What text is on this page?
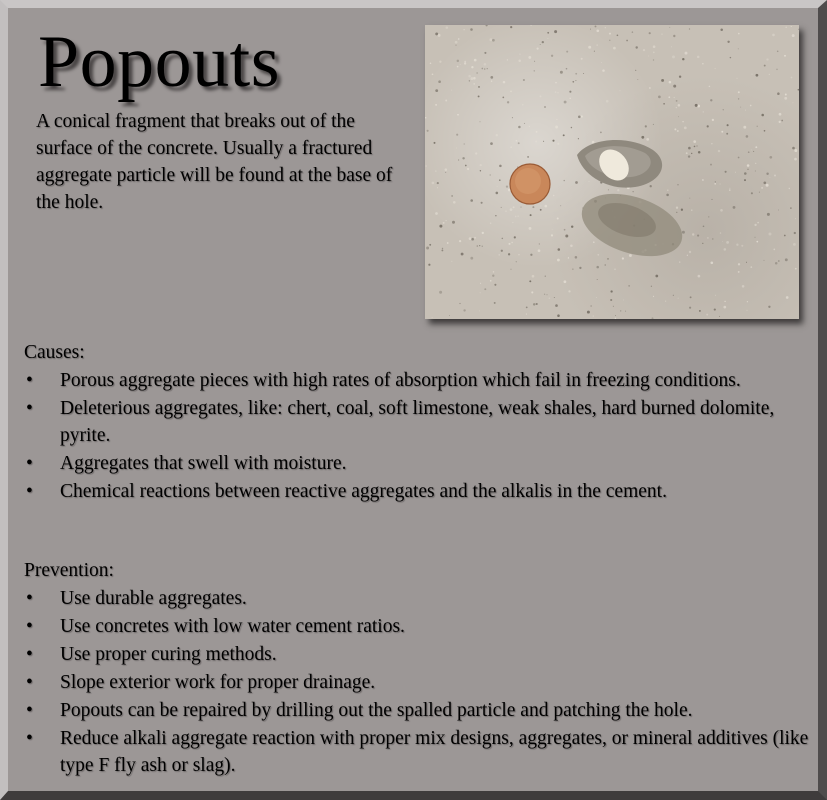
Popouts

A conical fragment that breaks out of the surface of the concrete. Usually a fractured aggregate particle will be found at the base of the hole.

Causes:

• Porous aggregate pieces with high rates of absorption which fail in freezing conditions.
• Deleterious aggregates, like: chert, coal, soft limestone, weak shales, hard burned dolomite, pyrite.
• Aggregates that swell with moisture.
• Chemical reactions between reactive aggregates and the alkalis in the cement.

Prevention:

• Use durable aggregates.
• Use concretes with low water cement ratios.
• Use proper curing methods.
• Slope exterior work for proper drainage.
• Popouts can be repaired by drilling out the spalled particle and patching the hole.
• Reduce alkali aggregate reaction with proper mix designs, aggregates, or mineral additives (like type F fly ash or slag).
